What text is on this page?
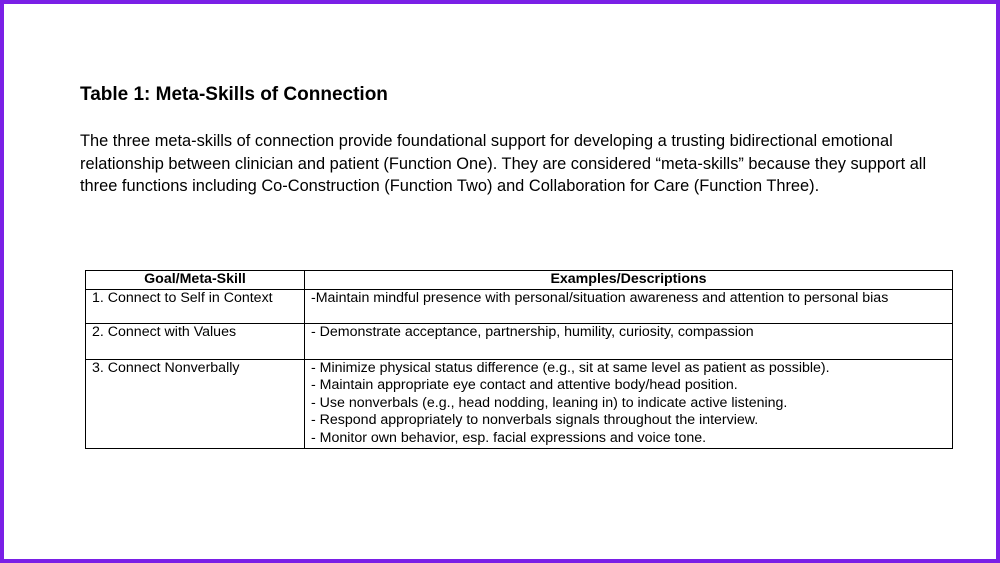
Table 1: Meta-Skills of Connection

The three meta-skills of connection provide foundational support for developing a trusting bidirectional emotional relationship between clinician and patient (Function One). They are considered “meta-skills” because they support all three functions including Co-Construction (Function Two) and Collaboration for Care (Function Three).

Goal/Meta-Skill	Examples/Descriptions
1. Connect to Self in Context	-Maintain mindful presence with personal/situation awareness and attention to personal bias

2. Connect with Values	- Demonstrate acceptance, partnership, humility, curiosity, compassion

3. Connect Nonverbally	- Minimize physical status difference (e.g., sit at same level as patient as possible).
- Maintain appropriate eye contact and attentive body/head position.
- Use nonverbals (e.g., head nodding, leaning in) to indicate active listening.
- Respond appropriately to nonverbals signals throughout the interview.
- Monitor own behavior, esp. facial expressions and voice tone.
